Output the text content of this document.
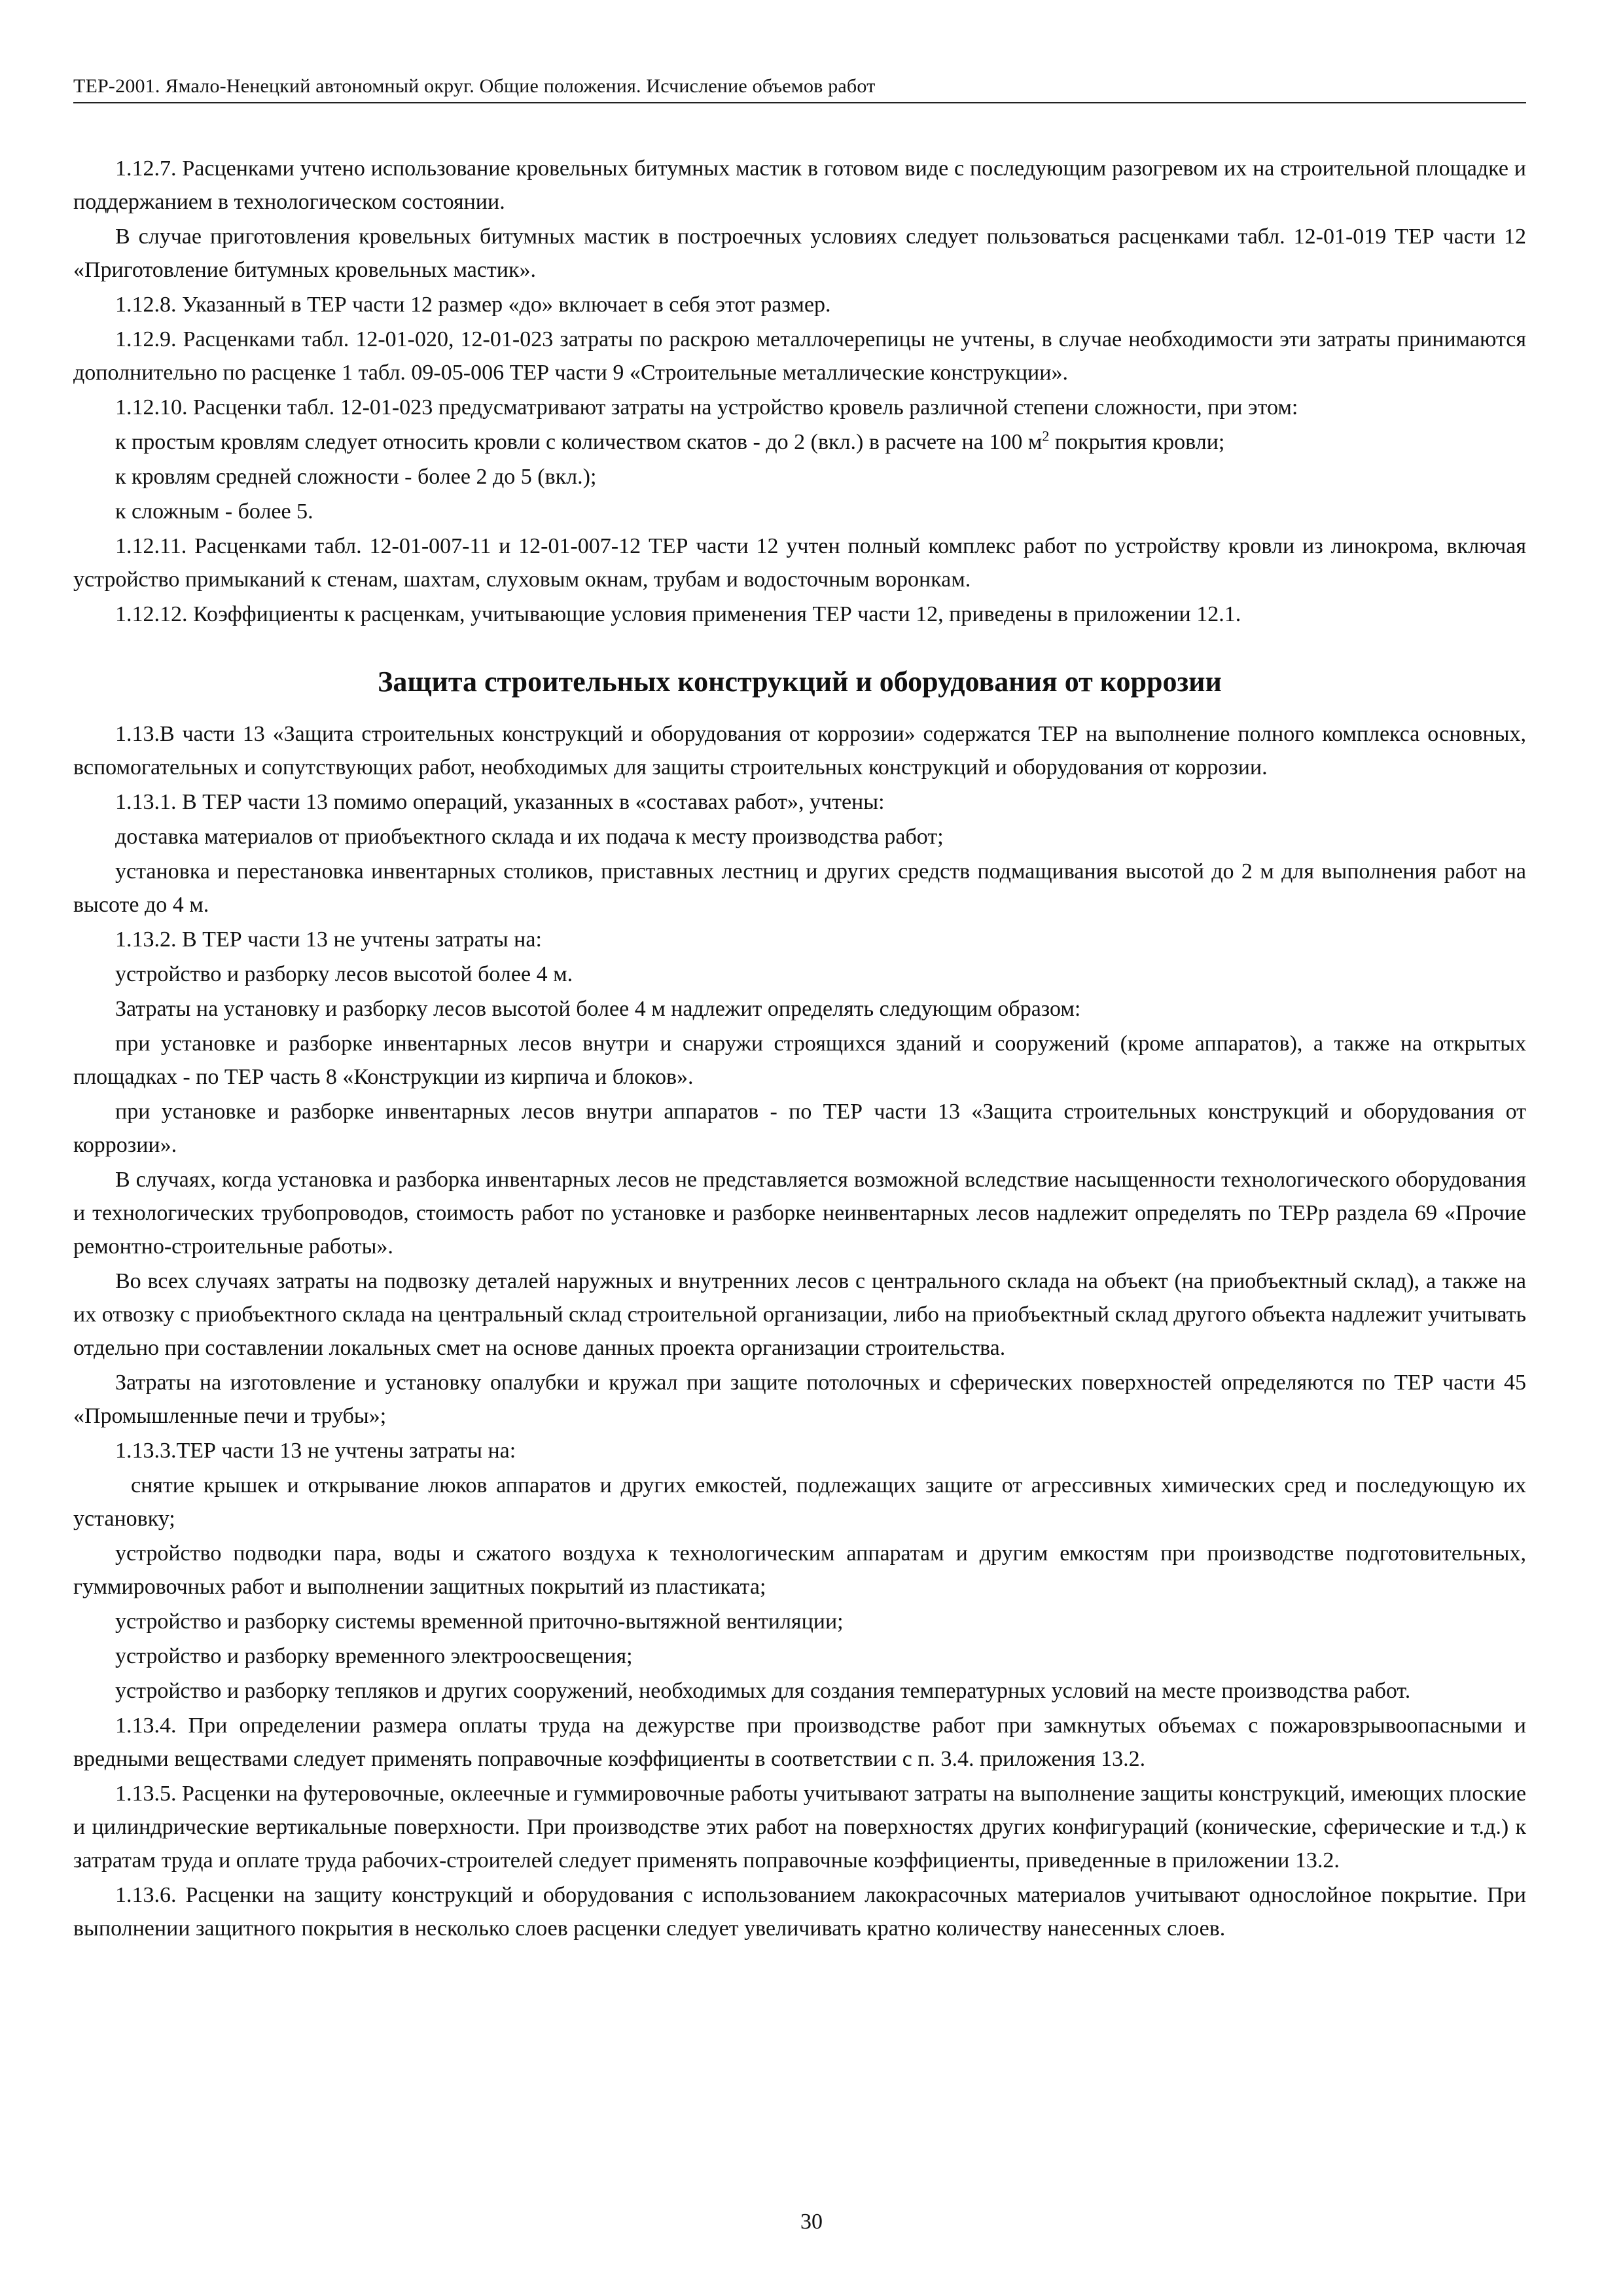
ТЕР-2001. Ямало-Ненецкий автономный округ. Общие положения. Исчисление объемов работ

1.12.7. Расценками учтено использование кровельных битумных мастик в готовом виде с последующим разогревом их на строительной площадке и поддержанием в технологическом состоянии.

В случае приготовления кровельных битумных мастик в построечных условиях следует пользоваться расценками табл. 12-01-019 ТЕР части 12 «Приготовление битумных кровельных мастик».

1.12.8. Указанный в ТЕР части 12 размер «до» включает в себя этот размер.

1.12.9. Расценками табл. 12-01-020, 12-01-023 затраты по раскрою металлочерепицы не учтены, в случае необходимости эти затраты принимаются дополнительно по расценке 1 табл. 09-05-006 ТЕР части 9 «Строительные металлические конструкции».

1.12.10. Расценки табл. 12-01-023 предусматривают затраты на устройство кровель различной степени сложности, при этом:

к простым кровлям следует относить кровли с количеством скатов - до 2 (вкл.) в расчете на 100 $м^2$ покрытия кровли;

к кровлям средней сложности - более 2 до 5 (вкл.);

к сложным - более 5.

1.12.11. Расценками табл. 12-01-007-11 и 12-01-007-12 ТЕР части 12 учтен полный комплекс работ по устройству кровли из линокрома, включая устройство примыканий к стенам, шахтам, слуховым окнам, трубам и водосточным воронкам.

1.12.12. Коэффициенты к расценкам, учитывающие условия применения ТЕР части 12, приведены в приложении 12.1.

Защита строительных конструкций и оборудования от коррозии

1.13.В части 13 «Защита строительных конструкций и оборудования от коррозии» содержатся ТЕР на выполнение полного комплекса основных, вспомогательных и сопутствующих работ, необходимых для защиты строительных конструкций и оборудования от коррозии.

1.13.1. В ТЕР части 13 помимо операций, указанных в «составах работ», учтены:

доставка материалов от приобъектного склада и их подача к месту производства работ;

установка и перестановка инвентарных столиков, приставных лестниц и других средств подмащивания высотой до 2 м для выполнения работ на высоте до 4 м.

1.13.2. В ТЕР части 13 не учтены затраты на:

устройство и разборку лесов высотой более 4 м.

Затраты на установку и разборку лесов высотой более 4 м надлежит определять следующим образом:

при установке и разборке инвентарных лесов внутри и снаружи строящихся зданий и сооружений (кроме аппаратов), а также на открытых площадках - по ТЕР часть 8 «Конструкции из кирпича и блоков».

при установке и разборке инвентарных лесов внутри аппаратов - по ТЕР части 13 «Защита строительных конструкций и оборудования от коррозии».

В случаях, когда установка и разборка инвентарных лесов не представляется возможной вследствие насыщенности технологического оборудования и технологических трубопроводов, стоимость работ по установке и разборке неинвентарных лесов надлежит определять по ТЕРр раздела 69 «Прочие ремонтно-строительные работы».

Во всех случаях затраты на подвозку деталей наружных и внутренних лесов с центрального склада на объект (на приобъектный склад), а также на их отвозку с приобъектного склада на центральный склад строительной организации, либо на приобъектный склад другого объекта надлежит учитывать отдельно при составлении локальных смет на основе данных проекта организации строительства.

Затраты на изготовление и установку опалубки и кружал при защите потолочных и сферических поверхностей определяются по ТЕР части 45 «Промышленные печи и трубы»;

1.13.3.ТЕР части 13 не учтены затраты на:

снятие крышек и открывание люков аппаратов и других емкостей, подлежащих защите от агрессивных химических сред и последующую их установку;

устройство подводки пара, воды и сжатого воздуха к технологическим аппаратам и другим емкостям при производстве подготовительных, гуммировочных работ и выполнении защитных покрытий из пластиката;

устройство и разборку системы временной приточно-вытяжной вентиляции;

устройство и разборку временного электроосвещения;

устройство и разборку тепляков и других сооружений, необходимых для создания температурных условий на месте производства работ.

1.13.4. При определении размера оплаты труда на дежурстве при производстве работ при замкнутых объемах с пожаровзрывоопасными и вредными веществами следует применять поправочные коэффициенты в соответствии с п. 3.4. приложения 13.2.

1.13.5. Расценки на футеровочные, оклеечные и гуммировочные работы учитывают затраты на выполнение защиты конструкций, имеющих плоские и цилиндрические вертикальные поверхности. При производстве этих работ на поверхностях других конфигураций (конические, сферические и т.д.) к затратам труда и оплате труда рабочих-строителей следует применять поправочные коэффициенты, приведенные в приложении 13.2.

1.13.6. Расценки на защиту конструкций и оборудования с использованием лакокрасочных материалов учитывают однослойное покрытие. При выполнении защитного покрытия в несколько слоев расценки следует увеличивать кратно количеству нанесенных слоев.

30
